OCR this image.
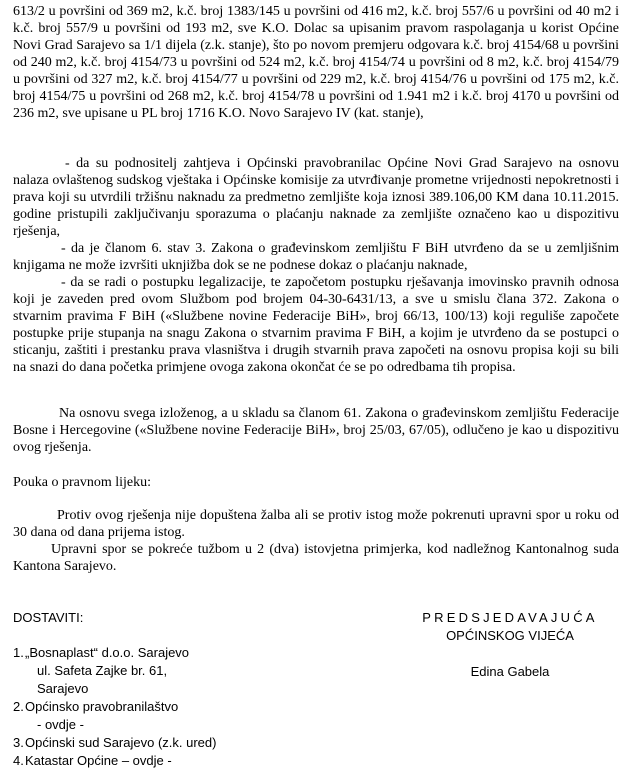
613/2 u površini od 369 m2, k.č. broj 1383/145 u površini od 416 m2, k.č. broj 557/6 u površini od 40 m2 i k.č. broj 557/9 u površini od 193 m2, sve K.O. Dolac sa upisanim pravom raspolaganja u korist Općine Novi Grad Sarajevo sa 1/1 dijela (z.k. stanje), što po novom premjeru odgovara k.č. broj 4154/68 u površini od 240 m2, k.č. broj 4154/73 u površini od 524 m2, k.č. broj 4154/74 u površini od 8 m2, k.č. broj 4154/79 u površini od 327 m2, k.č. broj 4154/77 u površini od 229 m2, k.č. broj 4154/76 u površini od 175 m2, k.č. broj 4154/75 u površini od 268 m2, k.č. broj 4154/78 u površini od 1.941 m2 i k.č. broj 4170 u površini od 236 m2, sve upisane u PL broj 1716 K.O. Novo Sarajevo IV (kat. stanje),

- da su podnositelj zahtjeva i Općinski pravobranilac Općine Novi Grad Sarajevo na osnovu nalaza ovlaštenog sudskog vještaka i Općinske komisije za utvrđivanje prometne vrijednosti nepokretnosti i prava koji su utvrdili tržišnu naknadu za predmetno zemljište koja iznosi 389.106,00 KM dana 10.11.2015. godine pristupili zaključivanju sporazuma o plaćanju naknade za zemljište označeno kao u dispozitivu rješenja,

- da je članom 6. stav 3. Zakona o građevinskom zemljištu F BiH utvrđeno da se u zemljišnim knjigama ne može izvršiti uknjižba dok se ne podnese dokaz o plaćanju naknade,

- da se radi o postupku legalizacije, te započetom postupku rješavanja imovinsko pravnih odnosa koji je zaveden pred ovom Službom pod brojem 04-30-6431/13, a sve u smislu člana 372. Zakona o stvarnim pravima F BiH («Službene novine Federacije BiH», broj 66/13, 100/13) koji reguliše započete postupke prije stupanja na snagu Zakona o stvarnim pravima F BiH, a kojim je utvrđeno da se postupci o sticanju, zaštiti i prestanku prava vlasništva i drugih stvarnih prava započeti na osnovu propisa koji su bili na snazi do dana početka primjene ovoga zakona okončat će se po odredbama tih propisa.

Na osnovu svega izloženog, a u skladu sa članom 61. Zakona o građevinskom zemljištu Federacije Bosne i Hercegovine («Službene novine Federacije BiH», broj 25/03, 67/05), odlučeno je kao u dispozitivu ovog rješenja.

Pouka o pravnom lijeku:

Protiv ovog rješenja nije dopuštena žalba ali se protiv istog može pokrenuti upravni spor u roku od 30 dana od dana prijema istog.

Upravni spor se pokreće tužbom u 2 (dva) istovjetna primjerka, kod nadležnog Kantonalnog suda Kantona Sarajevo.

DOSTAVITI:
1. „Bosnaplast“ d.o.o. Sarajevo
ul. Safeta Zajke br. 61,
Sarajevo
2. Općinsko pravobranilaštvo
- ovdje -
3. Općinski sud Sarajevo (z.k. ured)
4. Katastar Općine – ovdje -
PREDSJEDAVAJUĆA
OPĆINSKOG VIJEĆA
Edina Gabela
